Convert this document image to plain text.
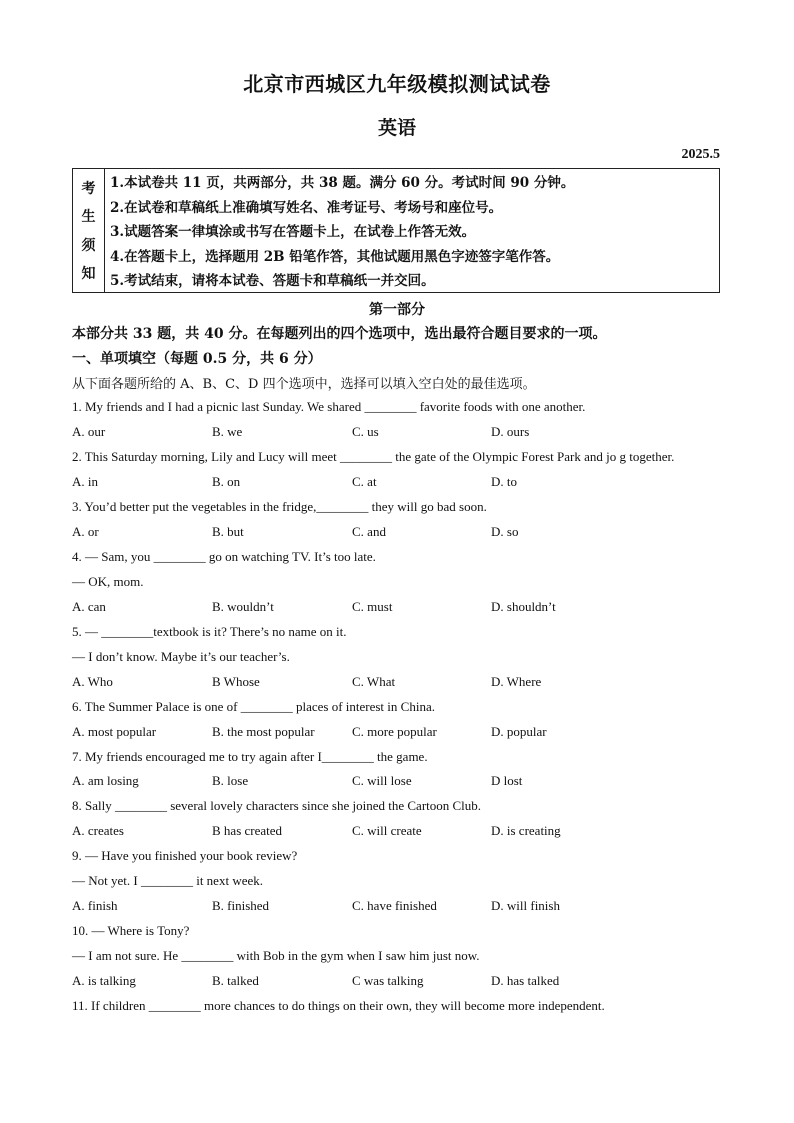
北京市西城区九年级模拟测试试卷
英语
2025.5
考
生
须
知
1.本试卷共 11 页，共两部分，共 38 题。满分 60 分。考试时间 90 分钟。
2.在试卷和草稿纸上准确填写姓名、准考证号、考场号和座位号。
3.试题答案一律填涂或书写在答题卡上，在试卷上作答无效。
4.在答题卡上，选择题用 2B 铅笔作答，其他试题用黑色字迹签字笔作答。
5.考试结束，请将本试卷、答题卡和草稿纸一并交回。
第一部分
本部分共 33 题，共 40 分。在每题列出的四个选项中，选出最符合题目要求的一项。
一、单项填空（每题 0.5 分，共 6 分）
从下面各题所给的 A、B、C、D 四个选项中，选择可以填入空白处的最佳选项。
1. My friends and I had a picnic last Sunday. We shared ________ favorite foods with one another.
A. our	B. we	C. us	D. ours
2. This Saturday morning, Lily and Lucy will meet ________ the gate of the Olympic Forest Park and jo g together.
A. in	B. on	C. at	D. to
3. You’d better put the vegetables in the fridge,________ they will go bad soon.
A. or	B. but	C. and	D. so
4. — Sam, you ________ go on watching TV. It’s too late.
— OK, mom.
A. can	B. wouldn’t	C. must	D. shouldn’t
5. — ________textbook is it? There’s no name on it.
— I don’t know. Maybe it’s our teacher’s.
A. Who	B Whose	C. What	D. Where
6. The Summer Palace is one of ________ places of interest in China.
A. most popular	B. the most popular	C. more popular	D. popular
7. My friends encouraged me to try again after I________ the game.
A. am losing	B. lose	C. will lose	D lost
8. Sally ________ several lovely characters since she joined the Cartoon Club.
A. creates	B has created	C. will create	D. is creating
9. — Have you finished your book review?
— Not yet. I ________ it next week.
A. finish	B. finished	C. have finished	D. will finish
10. — Where is Tony?
— I am not sure. He ________ with Bob in the gym when I saw him just now.
A. is talking	B. talked	C was talking	D. has talked
11. If children ________ more chances to do things on their own, they will become more independent.
